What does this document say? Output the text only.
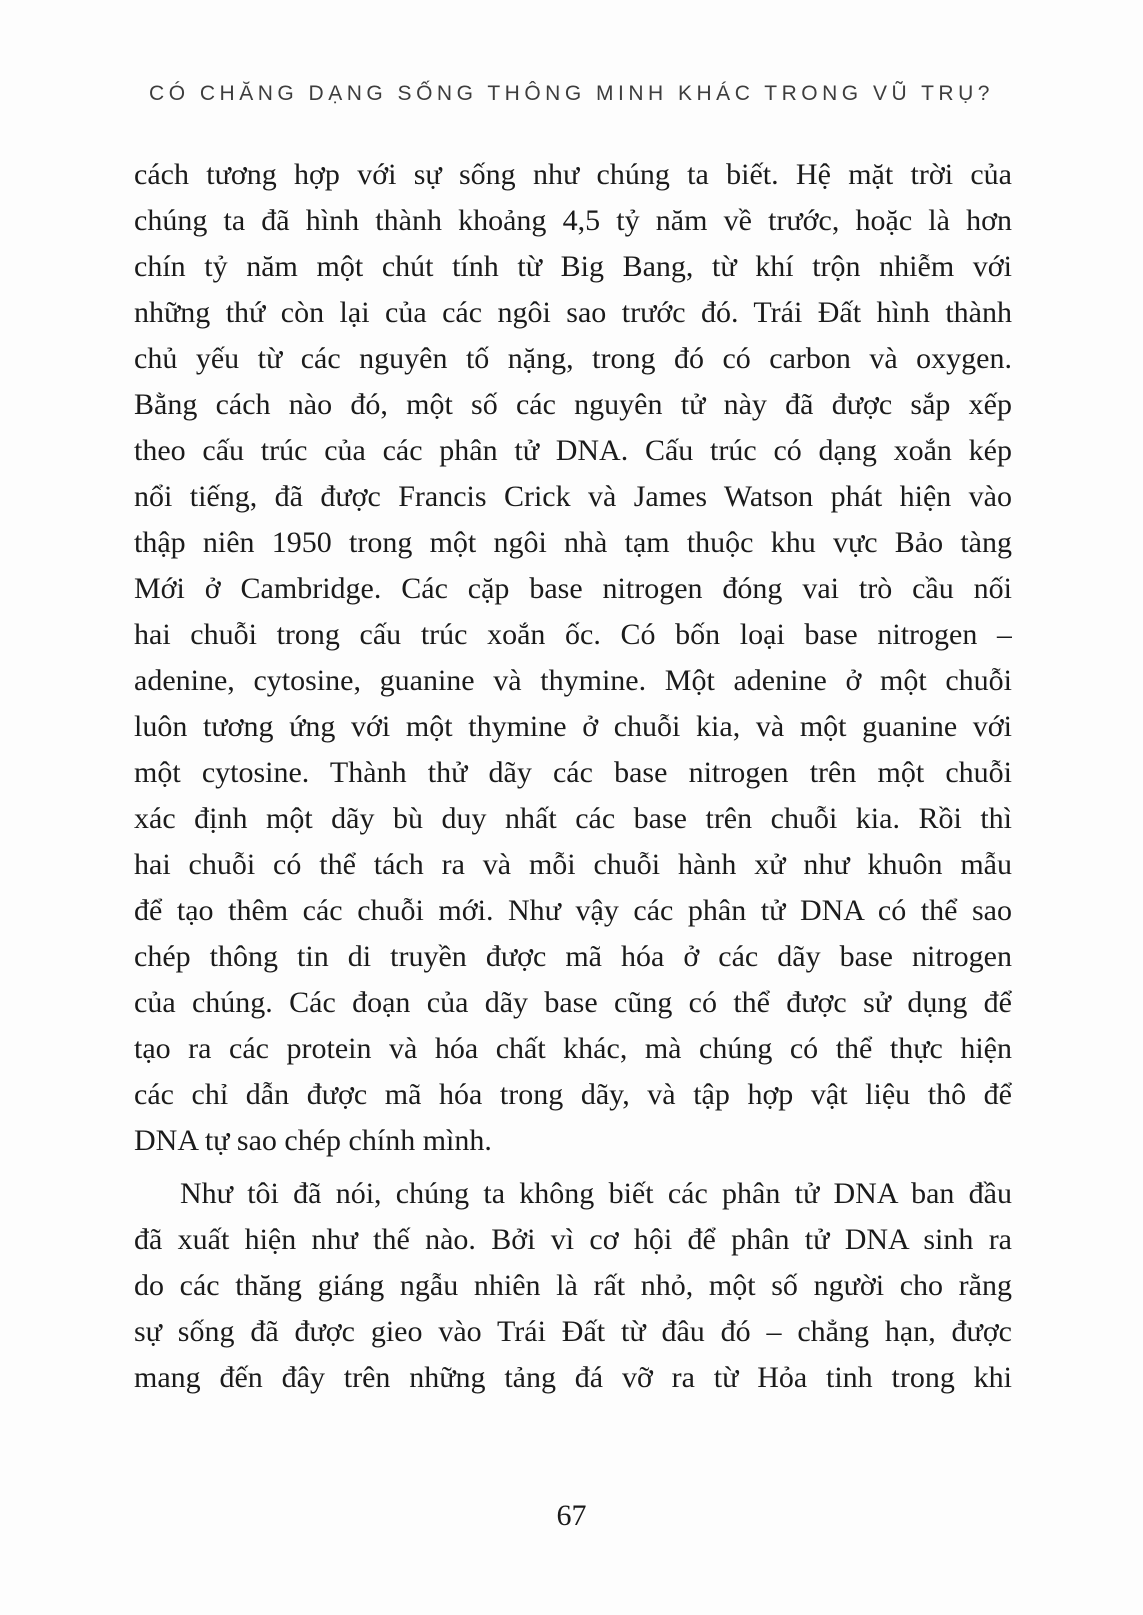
CÓ CHĂNG DẠNG SỐNG THÔNG MINH KHÁC TRONG VŨ TRỤ?
cách tương hợp với sự sống như chúng ta biết. Hệ mặt trời của
chúng ta đã hình thành khoảng 4,5 tỷ năm về trước, hoặc là hơn
chín tỷ năm một chút tính từ Big Bang, từ khí trộn nhiễm với
những thứ còn lại của các ngôi sao trước đó. Trái Đất hình thành
chủ yếu từ các nguyên tố nặng, trong đó có carbon và oxygen.
Bằng cách nào đó, một số các nguyên tử này đã được sắp xếp
theo cấu trúc của các phân tử DNA. Cấu trúc có dạng xoắn kép
nổi tiếng, đã được Francis Crick và James Watson phát hiện vào
thập niên 1950 trong một ngôi nhà tạm thuộc khu vực Bảo tàng
Mới ở Cambridge. Các cặp base nitrogen đóng vai trò cầu nối
hai chuỗi trong cấu trúc xoắn ốc. Có bốn loại base nitrogen –
adenine, cytosine, guanine và thymine. Một adenine ở một chuỗi
luôn tương ứng với một thymine ở chuỗi kia, và một guanine với
một cytosine. Thành thử dãy các base nitrogen trên một chuỗi
xác định một dãy bù duy nhất các base trên chuỗi kia. Rồi thì
hai chuỗi có thể tách ra và mỗi chuỗi hành xử như khuôn mẫu
để tạo thêm các chuỗi mới. Như vậy các phân tử DNA có thể sao
chép thông tin di truyền được mã hóa ở các dãy base nitrogen
của chúng. Các đoạn của dãy base cũng có thể được sử dụng để
tạo ra các protein và hóa chất khác, mà chúng có thể thực hiện
các chỉ dẫn được mã hóa trong dãy, và tập hợp vật liệu thô để
DNA tự sao chép chính mình.
Như tôi đã nói, chúng ta không biết các phân tử DNA ban đầu
đã xuất hiện như thế nào. Bởi vì cơ hội để phân tử DNA sinh ra
do các thăng giáng ngẫu nhiên là rất nhỏ, một số người cho rằng
sự sống đã được gieo vào Trái Đất từ đâu đó – chẳng hạn, được
mang đến đây trên những tảng đá vỡ ra từ Hỏa tinh trong khi
67
